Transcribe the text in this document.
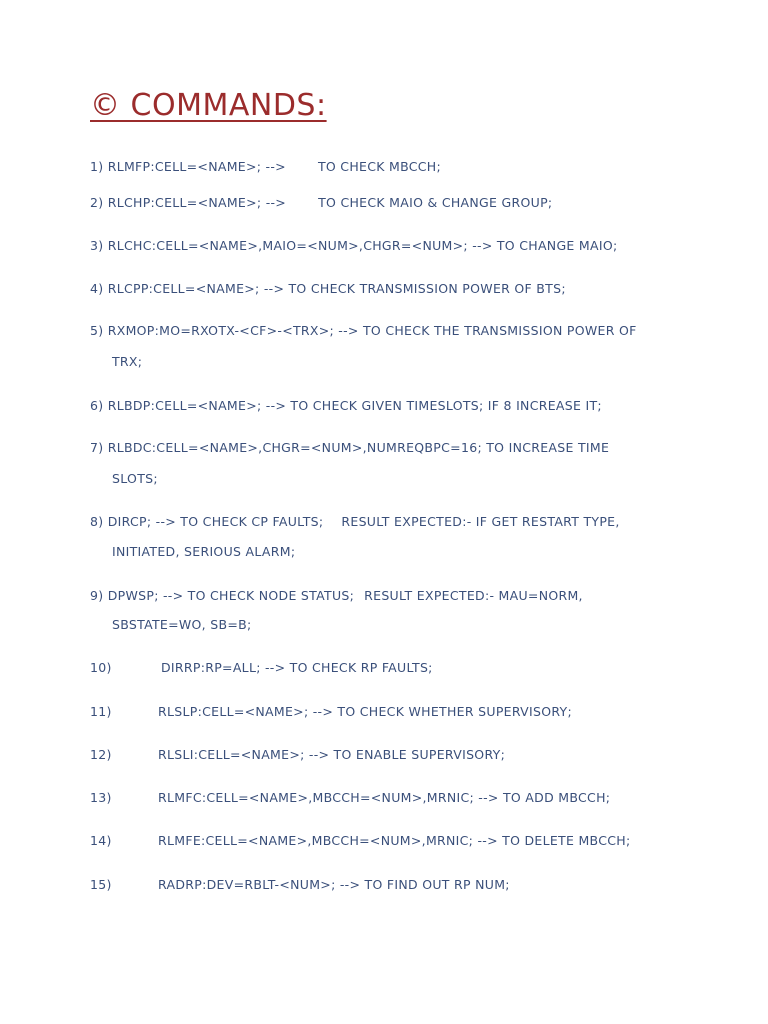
© COMMANDS:
1) RLMFP:CELL=<NAME>; -->	TO CHECK MBCCH;
2) RLCHP:CELL=<NAME>; -->	TO CHECK MAIO & CHANGE GROUP;
3) RLCHC:CELL=<NAME>,MAIO=<NUM>,CHGR=<NUM>; --> TO CHANGE MAIO;
4) RLCPP:CELL=<NAME>; --> TO CHECK TRANSMISSION POWER OF BTS;
5) RXMOP:MO=RXOTX-<CF>-<TRX>; --> TO CHECK THE TRANSMISSION POWER OF
TRX;
6) RLBDP:CELL=<NAME>; --> TO CHECK GIVEN TIMESLOTS; IF 8 INCREASE IT;
7) RLBDC:CELL=<NAME>,CHGR=<NUM>,NUMREQBPC=16; TO INCREASE TIME
SLOTS;
8) DIRCP; --> TO CHECK CP FAULTS; RESULT EXPECTED:- IF GET RESTART TYPE,
INITIATED, SERIOUS ALARM;
9) DPWSP; --> TO CHECK NODE STATUS; RESULT EXPECTED:- MAU=NORM,
SBSTATE=WO, SB=B;
10)	DIRRP:RP=ALL; --> TO CHECK RP FAULTS;
11)	RLSLP:CELL=<NAME>; --> TO CHECK WHETHER SUPERVISORY;
12)	RLSLI:CELL=<NAME>; --> TO ENABLE SUPERVISORY;
13)	RLMFC:CELL=<NAME>,MBCCH=<NUM>,MRNIC; --> TO ADD MBCCH;
14)	RLMFE:CELL=<NAME>,MBCCH=<NUM>,MRNIC; --> TO DELETE MBCCH;
15)	RADRP:DEV=RBLT-<NUM>; --> TO FIND OUT RP NUM;
